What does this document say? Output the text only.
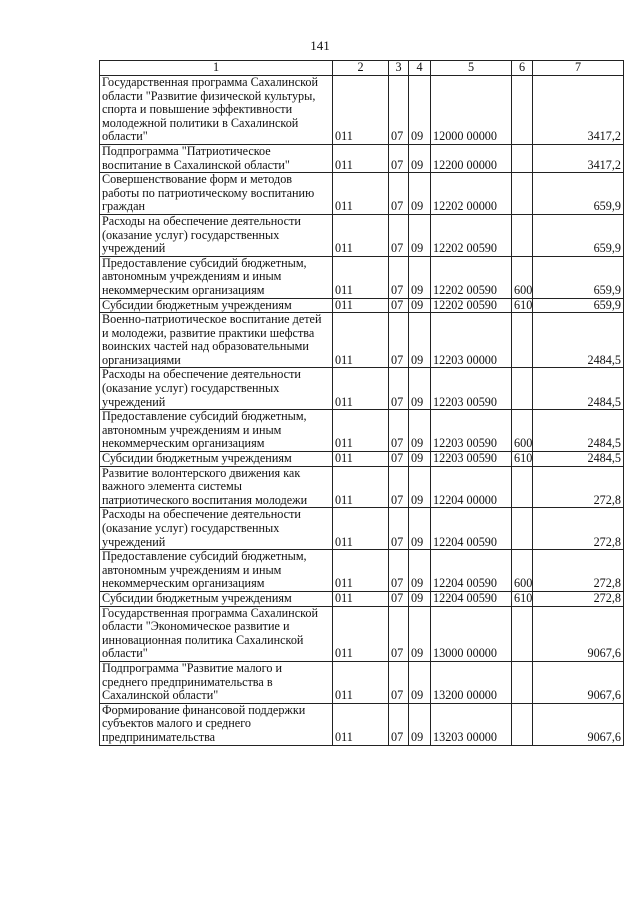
141
1	2	3	4	5	6	7
Государственная программа Сахалинской области "Развитие физической культуры, спорта и повышение эффективности молодежной политики в Сахалинской области"	011	07	09	12000 00000		3417,2
Подпрограмма "Патриотическое воспитание в Сахалинской области"	011	07	09	12200 00000		3417,2
Совершенствование форм и методов работы по патриотическому воспитанию граждан	011	07	09	12202 00000		659,9
Расходы на обеспечение деятельности (оказание услуг) государственных учреждений	011	07	09	12202 00590		659,9
Предоставление субсидий бюджетным, автономным учреждениям и иным некоммерческим организациям	011	07	09	12202 00590	600	659,9
Субсидии бюджетным учреждениям	011	07	09	12202 00590	610	659,9
Военно-патриотическое воспитание детей и молодежи, развитие практики шефства воинских частей над образовательными организациями	011	07	09	12203 00000		2484,5
Расходы на обеспечение деятельности (оказание услуг) государственных учреждений	011	07	09	12203 00590		2484,5
Предоставление субсидий бюджетным, автономным учреждениям и иным некоммерческим организациям	011	07	09	12203 00590	600	2484,5
Субсидии бюджетным учреждениям	011	07	09	12203 00590	610	2484,5
Развитие волонтерского движения как важного элемента системы патриотического воспитания молодежи	011	07	09	12204 00000		272,8
Расходы на обеспечение деятельности (оказание услуг) государственных учреждений	011	07	09	12204 00590		272,8
Предоставление субсидий бюджетным, автономным учреждениям и иным некоммерческим организациям	011	07	09	12204 00590	600	272,8
Субсидии бюджетным учреждениям	011	07	09	12204 00590	610	272,8
Государственная программа Сахалинской области "Экономическое развитие и инновационная политика Сахалинской области"	011	07	09	13000 00000		9067,6
Подпрограмма "Развитие малого и среднего предпринимательства в Сахалинской области"	011	07	09	13200 00000		9067,6
Формирование финансовой поддержки субъектов малого и среднего предпринимательства	011	07	09	13203 00000		9067,6
